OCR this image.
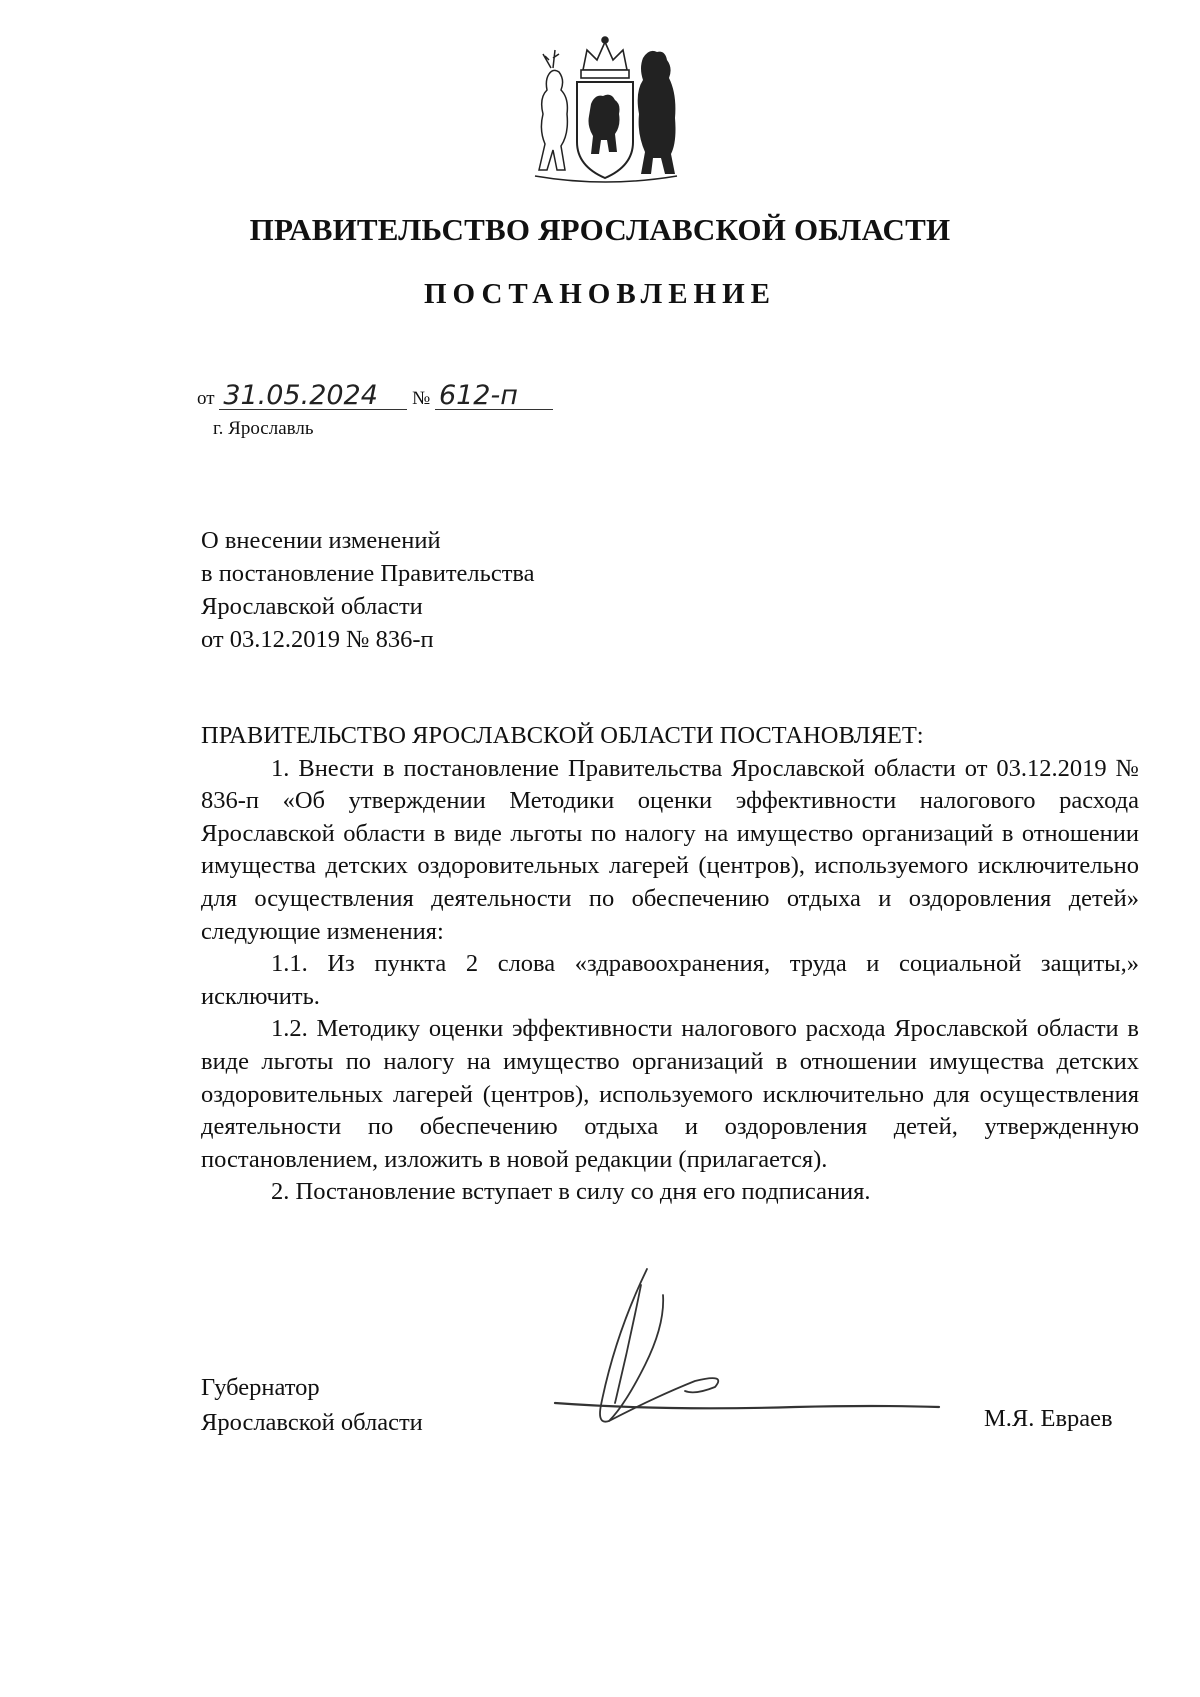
ПРАВИТЕЛЬСТВО ЯРОСЛАВСКОЙ ОБЛАСТИ
ПОСТАНОВЛЕНИЕ
от 31.05.2024 № 612-п
г. Ярославль
О внесении изменений
в постановление Правительства
Ярославской области
от 03.12.2019 № 836-п
ПРАВИТЕЛЬСТВО ЯРОСЛАВСКОЙ ОБЛАСТИ ПОСТАНОВЛЯЕТ:

1. Внести в постановление Правительства Ярославской области от 03.12.2019 № 836-п «Об утверждении Методики оценки эффективности налогового расхода Ярославской области в виде льготы по налогу на имущество организаций в отношении имущества детских оздоровительных лагерей (центров), используемого исключительно для осуществления деятельности по обеспечению отдыха и оздоровления детей» следующие изменения:

1.1. Из пункта 2 слова «здравоохранения, труда и социальной защиты,» исключить.

1.2. Методику оценки эффективности налогового расхода Ярославской области в виде льготы по налогу на имущество организаций в отношении имущества детских оздоровительных лагерей (центров), используемого исключительно для осуществления деятельности по обеспечению отдыха и оздоровления детей, утвержденную постановлением, изложить в новой редакции (прилагается).

2. Постановление вступает в силу со дня его подписания.

Губернатор
Ярославской области	М.Я. Евраев
